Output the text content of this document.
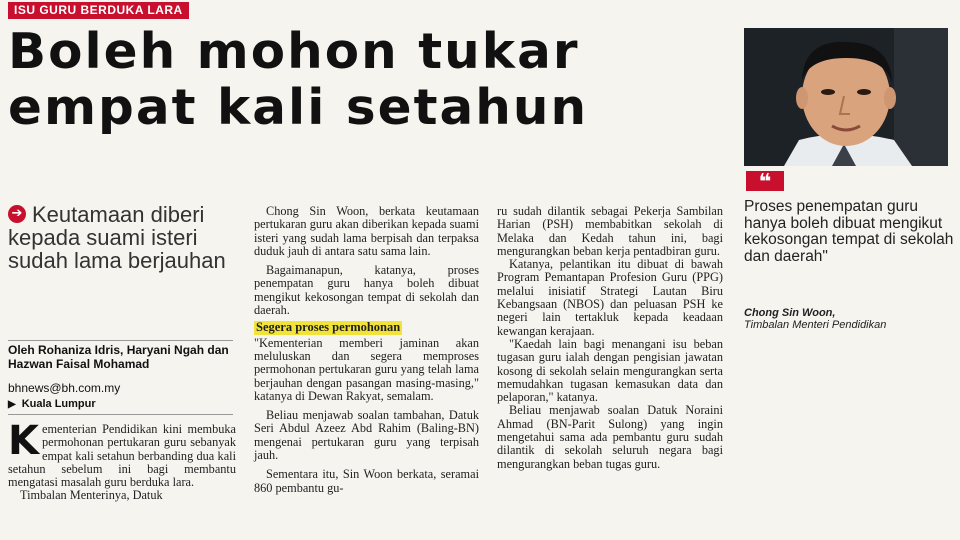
ISU GURU BERDUKA LARA
Boleh mohon tukar
empat kali setahun
❝

Proses penempatan guru hanya boleh dibuat mengikut kekosongan tempat di sekolah dan daerah"

Chong Sin Woon,
Timbalan Menteri Pendidikan
➔ Keutamaan diberi kepada suami isteri sudah lama berjauhan

Oleh Rohaniza Idris, Haryani Ngah dan Hazwan Faisal Mohamad
bhnews@bh.com.my
▶ Kuala Lumpur

Kementerian Pendidikan kini membuka permohonan pertukaran guru sebanyak empat kali setahun berbanding dua kali setahun sebelum ini bagi membantu mengatasi masalah guru berduka lara.

Timbalan Menterinya, Datuk

Chong Sin Woon, berkata keutamaan pertukaran guru akan diberikan kepada suami isteri yang sudah lama berpisah dan terpaksa duduk jauh di antara satu sama lain.

Bagaimanapun, katanya, proses penempatan guru hanya boleh dibuat mengikut kekosongan tempat di sekolah dan daerah.

Segera proses permohonan

"Kementerian memberi jaminan akan meluluskan dan segera memproses permohonan pertukaran guru yang telah lama berjauhan dengan pasangan masing-masing," katanya di Dewan Rakyat, semalam.

Beliau menjawab soalan tambahan, Datuk Seri Abdul Azeez Abd Rahim (Baling-BN) mengenai pertukaran guru yang terpisah jauh.

Sementara itu, Sin Woon berkata, seramai 860 pembantu gu-

ru sudah dilantik sebagai Pekerja Sambilan Harian (PSH) membabitkan sekolah di Melaka dan Kedah tahun ini, bagi mengurangkan beban kerja pentadbiran guru.

Katanya, pelantikan itu dibuat di bawah Program Pemantapan Profesion Guru (PPG) melalui inisiatif Strategi Lautan Biru Kebangsaan (NBOS) dan peluasan PSH ke negeri lain tertakluk kepada keadaan kewangan kerajaan.

"Kaedah lain bagi menangani isu beban tugasan guru ialah dengan pengisian jawatan kosong di sekolah selain mengurangkan serta memudahkan tugasan kemasukan data dan pelaporan," katanya.

Beliau menjawab soalan Datuk Noraini Ahmad (BN-Parit Sulong) yang ingin mengetahui sama ada pembantu guru sudah dilantik di sekolah seluruh negara bagi mengurangkan beban tugas guru.
